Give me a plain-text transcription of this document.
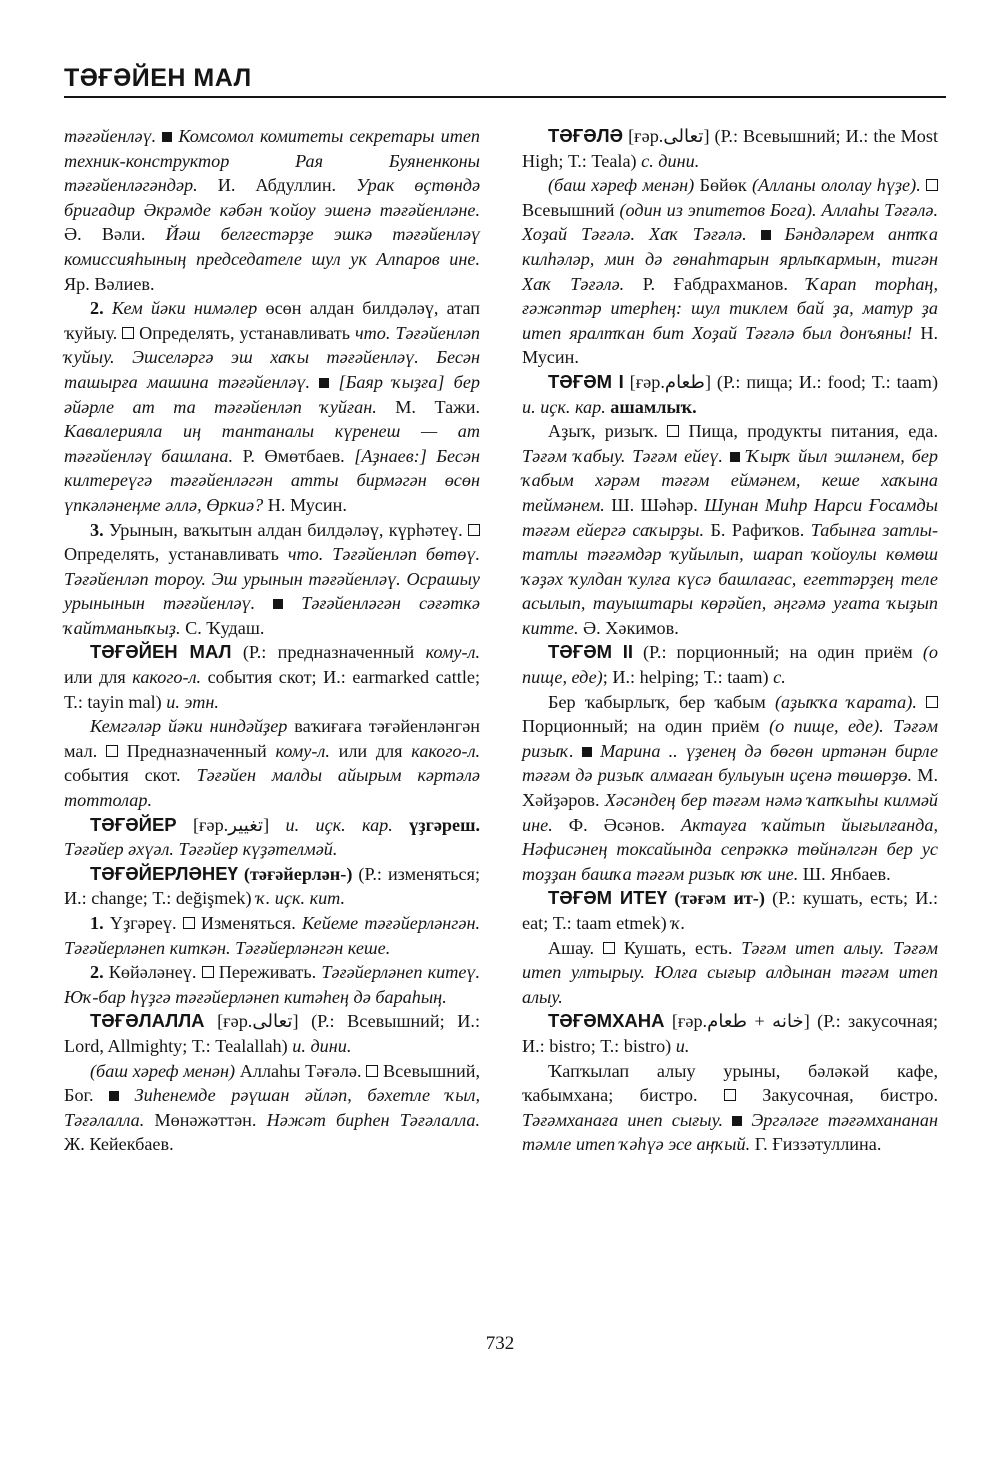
ТӘҒӘЙЕН МАЛ

тәғәйенләү. Комсомол комитеты секретары итеп техник-конструктор Рая Буяненконы тәғәйенләгәндәр. И. Абдуллин. Урак өҫтөндә бригадир Әкрәмде кәбән ҡойоу эшенә тәғәйенләне. Ә. Вәли. Йәш белгестәрҙе эшкә тәғәйенләү комиссияһының председателе шул ук Алпаров ине. Яр. Вәлиев.

2. Кем йәки нимәлер өсөн алдан билдәләү, атап ҡуйыу. Определять, устанавливать что. Тәғәйенләп ҡуйыу. Эшселәргә эш хаҡы тәғәйенләү. Бесән ташырға машина тәғәйенләү. [Баяр ҡыҙға] бер әйәрле ат та тәғәйенләп ҡуйған. М. Тажи. Кавалерияла иң тантаналы күренеш — ат тәғәйенләү башлана. Р. Өмөтбаев. [Аҙнаев:] Бесән килтереүгә тәғәйенләгән атты бирмәгән өсөн үпкәләнеңме әллә, Өркиә? Н. Мусин.

3. Урынын, ваҡытын алдан билдәләү, күрһәтеү.  Определять, устанавливать что. Тәғәйенләп бөтөү. Тәғәйенләп тороу. Эш урынын тәғәйенләү. Осрашыу урынынын тәғәйенләү.	Тәғәйенләгән сәғәткә ҡайтманыҡыҙ. С. Ҡудаш.

ТӘҒӘЙЕН МАЛ (Р.: предназначенный кому-л. или для какого-л. события скот; И.: earmarked cattle; Т.: tayin mal) и. этн.

Кемгәләр йәки ниндәйҙер ваҡиғаға тәғәйенләнгән мал. Предназначенный кому-л. или для какого-л. события скот. Тәғәйен малды айырым кәртәлә тоттолар.

ТӘҒӘЙЕР [ғәр.تغيير] и. иҫк. кар. үҙгәреш. Тәғәйер әхүәл. Тәғәйер күҙәтелмәй.

ТӘҒӘЙЕРЛӘНЕҮ (тәғәйерлән-) (Р.: изменяться; И.: change; Т.: değişmek) ҡ. иҫк. кит.

1. Үҙгәреү. Изменяться. Кейеме тәғәйерләнгән. Тәғәйерләнеп киткән. Тәғәйерләнгән кеше.

2. Көйәләнеү. Переживать. Тәғәйерләнеп китеү. Юҡ-бар һүҙгә тәғәйерләнеп китәһең дә бараһың.

ТӘҒӘЛАЛЛА [ғәр.تعالى] (Р.: Всевышний; И.: Lord, Allmighty; Т.: Tealallah) и. дини.

(баш хәреф менән) Аллаһы Тәғәлә. Всевышний, Бог. Зиһенемде рәүшан әйләп, бәхетле ҡыл, Тәғәлалла. Мөнәжәттән. Нәжәт бирһен Тәғәлалла. Ж. Кейекбаев.

ТӘҒӘЛӘ [ғәр.تعالى] (Р.: Всевышний; И.: the Most High; Т.: Teala) с. дини.

(баш хәреф менән) Бөйөк (Алланы ололау һүҙе).  Всевышний (один из эпитетов Бога). Аллаһы Тәғәлә. Хоҙай Тәғәлә. Хаҡ Тәғәлә. Бәндәләрем антҡа килһәләр, мин дә гөнаһтарын ярлыҡармын, тигән Хаҡ Тәғәлә. Р. Ғабдрахманов. Ҡарап торһаң, ғәжәптәр итерһең: шул тиклем бай ҙа, матур ҙа итеп яралтҡан бит Хоҙай Тәғәлә был донъяны! Н. Мусин.

ТӘҒӘМ I [ғәр.طعام] (Р.: пища; И.: food; Т.: taam) и. иҫк. кар. ашамлыҡ.

Аҙыҡ, ризыҡ. Пища, продукты питания, еда. Тәғәм ҡабыу. Тәғәм ейеү. Ҡырҡ йыл эшләнем, бер ҡабым хәрәм тәғәм еймәнем, кеше хаҡына теймәнем. Ш. Шәһәр. Шунан Миһр Нарси Ғосамды тәғәм ейергә саҡырҙы. Б. Рафиҡов. Табынға затлы-татлы тәғәмдәр ҡуйылып, шарап ҡойоулы көмөш ҡәҙәх ҡулдан ҡулға күсә башлағас, егеттәрҙең теле асылып, тауыштары көрәйеп, әңгәмә уғата ҡыҙып китте. Ә. Хәкимов.

ТӘҒӘМ II (Р.: порционный; на один приём (о пище, еде); И.: helping; Т.: taam) с.

Бер ҡабырлыҡ, бер ҡабым (аҙыҡҡа ҡарата).  Порционный; на один приём (о пище, еде). Тәғәм ризыҡ. Марина .. үҙенең дә бөгөн иртәнән бирле тәғәм дә ризыҡ алмаған булыуын иҫенә төшөрҙө. М. Хәйҙәров. Хәсәндең бер тәғәм нәмә ҡапҡыһы килмәй ине. Ф. Әсәнов. Актауға ҡайтып йығылғанда, Нәфисәнең токсайында сепрәккә төйнәлгән бер ус тоҙҙан башҡа тәғәм ризыҡ юҡ ине. Ш. Янбаев.

ТӘҒӘМ ИТЕҮ (тәғәм ит-) (Р.: кушать, есть; И.: eat; Т.: taam etmek) ҡ.

Ашау. Кушать, есть. Тәғәм итеп алыу. Тәғәм итеп ултырыу. Юлға сығыр алдынан тәғәм итеп алыу.

ТӘҒӘМХАНА [ғәр.خانه + طعام] (Р.: закусочная; И.: bistro; Т.: bistro) и.

Ҡапҡылап алыу урыны, бәләкәй кафе, ҡабымхана; бистро.	Закусочная, бистро. Тәғәмханаға инеп сығыу. Эргәләге тәғәмхананан тәмле итеп ҡәһүә эсе аңҡый. Г. Ғиззәтуллина.

732
